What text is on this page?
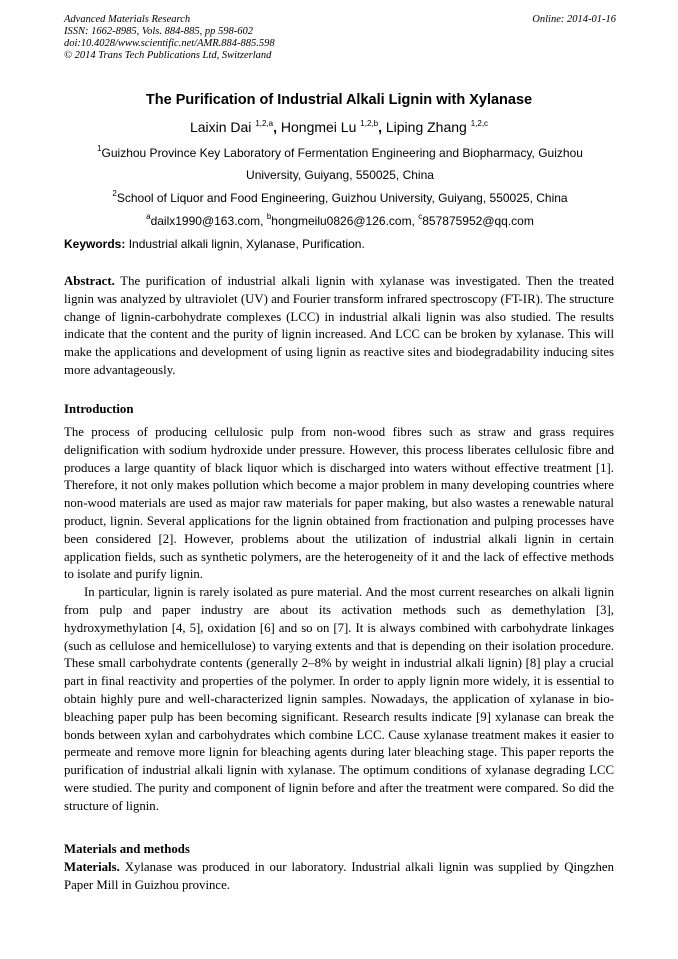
Advanced Materials Research
ISSN: 1662-8985, Vols. 884-885, pp 598-602
doi:10.4028/www.scientific.net/AMR.884-885.598
© 2014 Trans Tech Publications Ltd, Switzerland
Online: 2014-01-16
The Purification of Industrial Alkali Lignin with Xylanase
Laixin Dai $^{1,2,a}$, Hongmei Lu $^{1,2,b}$, Liping Zhang $^{1,2,c}$
$^1$Guizhou Province Key Laboratory of Fermentation Engineering and Biopharmacy, Guizhou
University, Guiyang, 550025, China
$^2$School of Liquor and Food Engineering, Guizhou University, Guiyang, 550025, China
$^a$dailx1990@163.com, $^b$hongmeilu0826@126.com, $^c$857875952@qq.com
Keywords: Industrial alkali lignin, Xylanase, Purification.

Abstract. The purification of industrial alkali lignin with xylanase was investigated. Then the treated lignin was analyzed by ultraviolet (UV) and Fourier transform infrared spectroscopy (FT-IR). The structure change of lignin-carbohydrate complexes (LCC) in industrial alkali lignin was also studied. The results indicate that the content and the purity of lignin increased. And LCC can be broken by xylanase. This will make the applications and development of using lignin as reactive sites and biodegradability inducing sites more advantageously.

Introduction

The process of producing cellulosic pulp from non-wood fibres such as straw and grass requires delignification with sodium hydroxide under pressure. However, this process liberates cellulosic fibre and produces a large quantity of black liquor which is discharged into waters without effective treatment [1]. Therefore, it not only makes pollution which become a major problem in many developing countries where non-wood materials are used as major raw materials for paper making, but also wastes a renewable natural product, lignin. Several applications for the lignin obtained from fractionation and pulping processes have been considered [2]. However, problems about the utilization of industrial alkali lignin in certain application fields, such as synthetic polymers, are the heterogeneity of it and the lack of effective methods to isolate and purify lignin.

In particular, lignin is rarely isolated as pure material. And the most current researches on alkali lignin from pulp and paper industry are about its activation methods such as demethylation [3], hydroxymethylation [4, 5], oxidation [6] and so on [7]. It is always combined with carbohydrate linkages (such as cellulose and hemicellulose) to varying extents and that is depending on their isolation procedure. These small carbohydrate contents (generally 2–8% by weight in industrial alkali lignin) [8] play a crucial part in final reactivity and properties of the polymer. In order to apply lignin more widely, it is essential to obtain highly pure and well-characterized lignin samples. Nowadays, the application of xylanase in bio-bleaching paper pulp has been becoming significant. Research results indicate [9] xylanase can break the bonds between xylan and carbohydrates which combine LCC. Cause xylanase treatment makes it easier to permeate and remove more lignin for bleaching agents during later bleaching stage. This paper reports the purification of industrial alkali lignin with xylanase. The optimum conditions of xylanase degrading LCC were studied. The purity and component of lignin before and after the treatment were compared. So did the structure of lignin.

Materials and methods

Materials. Xylanase was produced in our laboratory. Industrial alkali lignin was supplied by Qingzhen Paper Mill in Guizhou province.
